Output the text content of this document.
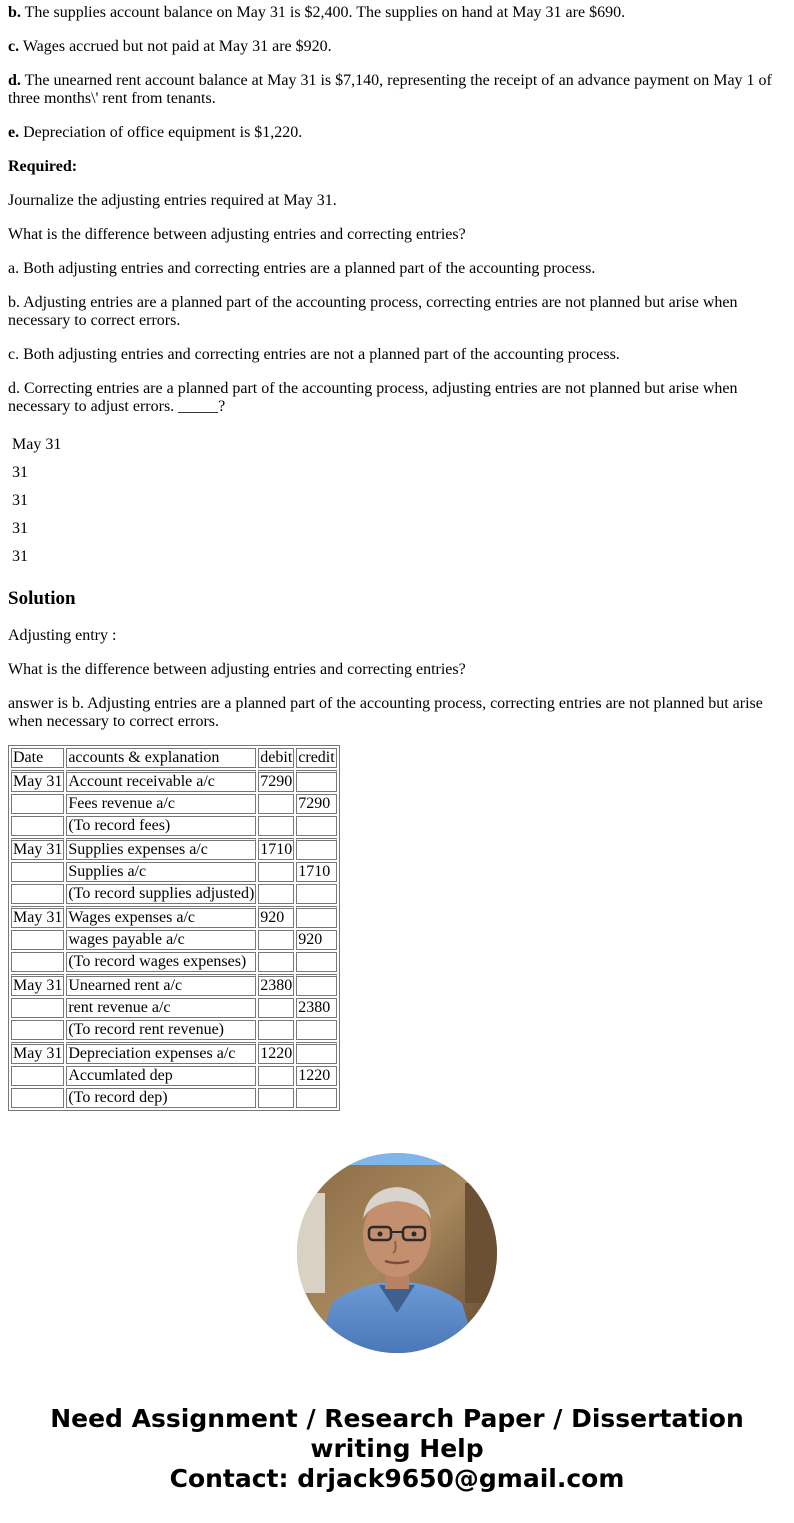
b. The supplies account balance on May 31 is $2,400. The supplies on hand at May 31 are $690.

c. Wages accrued but not paid at May 31 are $920.

d. The unearned rent account balance at May 31 is $7,140, representing the receipt of an advance payment on May 1 of three months\' rent from tenants.

e. Depreciation of office equipment is $1,220.

Required:

Journalize the adjusting entries required at May 31.

What is the difference between adjusting entries and correcting entries?

a. Both adjusting entries and correcting entries are a planned part of the accounting process.

b. Adjusting entries are a planned part of the accounting process, correcting entries are not planned but arise when necessary to correct errors.

c. Both adjusting entries and correcting entries are not a planned part of the accounting process.

d. Correcting entries are a planned part of the accounting process, adjusting entries are not planned but arise when necessary to adjust errors. _____?

May 31
31
31
31
31
Solution

Adjusting entry :

What is the difference between adjusting entries and correcting entries?

answer is b. Adjusting entries are a planned part of the accounting process, correcting entries are not planned but arise when necessary to correct errors.

Date	accounts & explanation	debit	credit
May 31	Account receivable a/c	7290	
	Fees revenue a/c		7290
	(To record fees)		
May 31	Supplies expenses a/c	1710	
	Supplies a/c		1710
	(To record supplies adjusted)		
May 31	Wages expenses a/c	920	
	wages payable a/c		920
	(To record wages expenses)		
May 31	Unearned rent a/c	2380	
	rent revenue a/c		2380
	(To record rent revenue)		
May 31	Depreciation expenses a/c	1220	
	Accumlated dep		1220
	(To record dep)		
Need Assignment / Research Paper / Dissertation
writing Help
Contact: drjack9650@gmail.com
